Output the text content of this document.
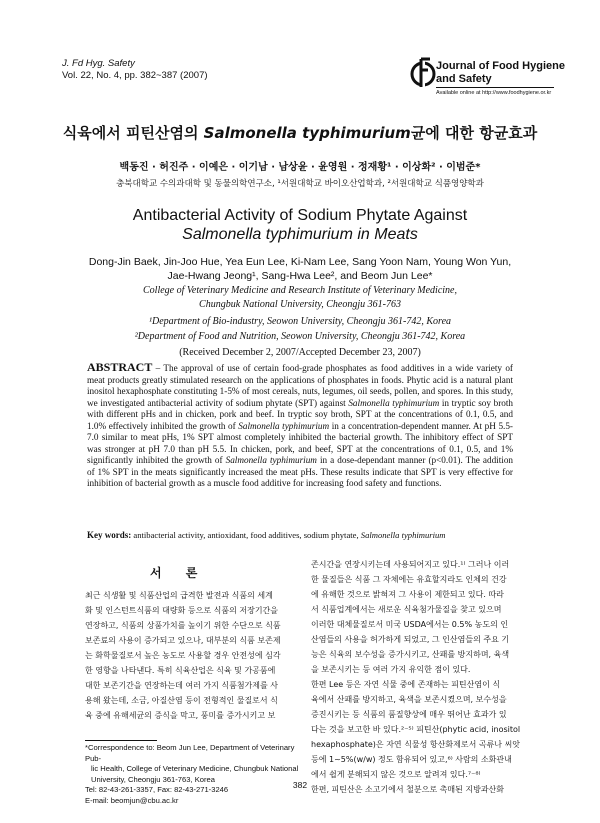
J. Fd Hyg. Safety
Vol. 22, No. 4, pp. 382~387 (2007)
Journal of Food Hygiene
and Safety
Available online at http://www.foodhygiene.or.kr
식육에서 피틴산염의 Salmonella typhimurium균에 대한 항균효과
백동진 · 허진주 · 이예은 · 이기남 · 남상윤 · 윤영원 · 정재황¹ · 이상화² · 이범준*
충북대학교 수의과대학 및 동물의학연구소, ¹서원대학교 바이오산업학과, ²서원대학교 식품영양학과
Antibacterial Activity of Sodium Phytate Against
Salmonella typhimurium in Meats
Dong-Jin Baek, Jin-Joo Hue, Yea Eun Lee, Ki-Nam Lee, Sang Yoon Nam, Young Won Yun,
Jae-Hwang Jeong¹, Sang-Hwa Lee², and Beom Jun Lee*
College of Veterinary Medicine and Research Institute of Veterinary Medicine,
Chungbuk National University, Cheongju 361-763
¹Department of Bio-industry, Seowon University, Cheongju 361-742, Korea
²Department of Food and Nutrition, Seowon University, Cheongju 361-742, Korea
(Received December 2, 2007/Accepted December 23, 2007)
ABSTRACT – The approval of use of certain food-grade phosphates as food additives in a wide variety of meat products greatly stimulated research on the applications of phosphates in foods. Phytic acid is a natural plant inositol hexaphosphate constituting 1-5% of most cereals, nuts, legumes, oil seeds, pollen, and spores. In this study, we investigated antibacterial activity of sodium phytate (SPT) against Salmonella typhimurium in tryptic soy broth with different pHs and in chicken, pork and beef. In tryptic soy broth, SPT at the concentrations of 0.1, 0.5, and 1.0% effectively inhibited the growth of Salmonella typhimurium in a concentration-dependent manner. At pH 5.5-7.0 similar to meat pHs, 1% SPT almost completely inhibited the bacterial growth. The inhibitory effect of SPT was stronger at pH 7.0 than pH 5.5. In chicken, pork, and beef, SPT at the concentrations of 0.1, 0.5, and 1% significantly inhibited the growth of Salmonella typhimurium in a dose-dependant manner (p<0.01). The addition of 1% SPT in the meats significantly increased the meat pHs. These results indicate that SPT is very effective for inhibition of bacterial growth as a muscle food additive for increasing food safety and functions.
Key words: antibacterial activity, antioxidant, food additives, sodium phytate, Salmonella typhimurium
서 론
최근 식생활 및 식품산업의 급격한 발전과 식품의 세계
화 및 인스턴트식품의 대량화 등으로 식품의 저장기간을
연장하고, 식품의 상품가치를 높이기 위한 수단으로 식품
보존료의 사용이 증가되고 있으나, 대부분의 식품 보존제
는 화학물질로서 높은 농도로 사용할 경우 안전성에 심각
한 영향을 나타낸다. 특히 식육산업은 식육 및 가공품에
대한 보존기간을 연장하는데 여러 가지 식품첨가제를 사
용해 왔는데, 소금, 아질산염 등이 전형적인 물질로서 식
육 중에 유해세균의 증식을 막고, 풍미를 증가시키고 보
존시간을 연장시키는데 사용되어지고 있다.¹⁾ 그러나 이러
한 물질들은 식품 그 자체에는 유효할지라도 인체의 건강
에 유해한 것으로 밝혀져 그 사용이 제한되고 있다. 따라
서 식품업계에서는 새로운 식육첨가물질을 찾고 있으며
이러한 대체물질로서 미국 USDA에서는 0.5% 농도의 인
산염들의 사용을 허가하게 되었고, 그 인산염들의 주요 기
능은 식육의 보수성을 증가시키고, 산패를 방지하며, 육색
을 보존시키는 등 여러 가지 유익한 점이 있다.
한편 Lee 등은 자연 식물 중에 존재하는 피틴산염이 식
육에서 산패를 방지하고, 육색을 보존시켰으며, 보수성을
증진시키는 등 식품의 품질향상에 매우 뛰어난 효과가 있
다는 것을 보고한 바 있다.²⁻⁵⁾ 피틴산(phytic acid, inositol
hexaphosphate)은 자연 식물성 항산화제로서 곡류나 씨앗
등에 1~5%(w/w) 정도 함유되어 있고,⁶⁾ 사람의 소화관내
에서 쉽게 분해되지 않은 것으로 알려져 있다.⁷⁻⁸⁾
한편, 피틴산은 소고기에서 철분으로 촉매된 지방과산화
*Correspondence to: Beom Jun Lee, Department of Veterinary Pub-
lic Health, College of Veterinary Medicine, Chungbuk National
University, Cheongju 361-763, Korea
Tel: 82-43-261-3357, Fax: 82-43-271-3246
E-mail: beomjun@cbu.ac.kr
382
